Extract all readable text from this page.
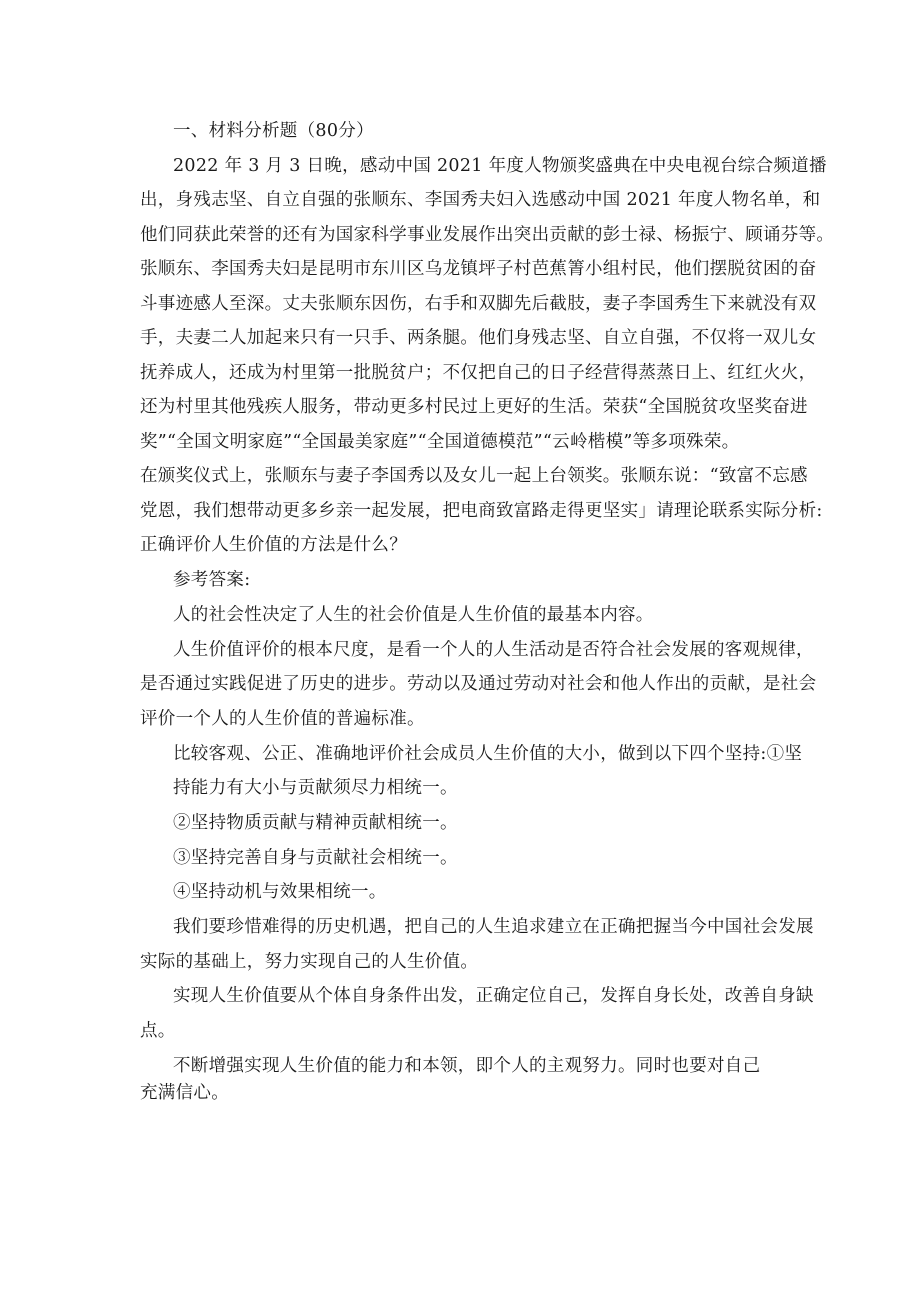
一、材料分析题（80分）

2022 年 3 月 3 日晚，感动中国 2021 年度人物颁奖盛典在中央电视台综合频道播

出，身残志坚、自立自强的张顺东、李国秀夫妇入选感动中国 2021 年度人物名单，和

他们同获此荣誉的还有为国家科学事业发展作出突出贡献的彭士禄、杨振宁、顾诵芬等。

张顺东、李国秀夫妇是昆明市东川区乌龙镇坪子村芭蕉箐小组村民，他们摆脱贫困的奋

斗事迹感人至深。丈夫张顺东因伤，右手和双脚先后截肢，妻子李国秀生下来就没有双

手，夫妻二人加起来只有一只手、两条腿。他们身残志坚、自立自强，不仅将一双儿女

抚养成人，还成为村里第一批脱贫户；不仅把自己的日子经营得蒸蒸日上、红红火火，

还为村里其他残疾人服务，带动更多村民过上更好的生活。荣获“全国脱贫攻坚奖奋进

奖”“全国文明家庭”“全国最美家庭”“全国道德模范”“云岭楷模”等多项殊荣。

在颁奖仪式上，张顺东与妻子李国秀以及女儿一起上台领奖。张顺东说：“致富不忘感

党恩，我们想带动更多乡亲一起发展，把电商致富路走得更坚实」请理论联系实际分析:

正确评价人生价值的方法是什么？

参考答案:

人的社会性决定了人生的社会价值是人生价值的最基本内容。

人生价值评价的根本尺度，是看一个人的人生活动是否符合社会发展的客观规律，

是否通过实践促进了历史的进步。劳动以及通过劳动对社会和他人作出的贡献，是社会

评价一个人的人生价值的普遍标准。

比较客观、公正、准确地评价社会成员人生价值的大小，做到以下四个坚持:①坚

持能力有大小与贡献须尽力相统一。

②坚持物质贡献与精神贡献相统一。

③坚持完善自身与贡献社会相统一。

④坚持动机与效果相统一。

我们要珍惜难得的历史机遇，把自己的人生追求建立在正确把握当今中国社会发展

实际的基础上，努力实现自己的人生价值。

实现人生价值要从个体自身条件出发，正确定位自己，发挥自身长处，改善自身缺

点。

不断增强实现人生价值的能力和本领，即个人的主观努力。同时也要对自己

充满信心。
